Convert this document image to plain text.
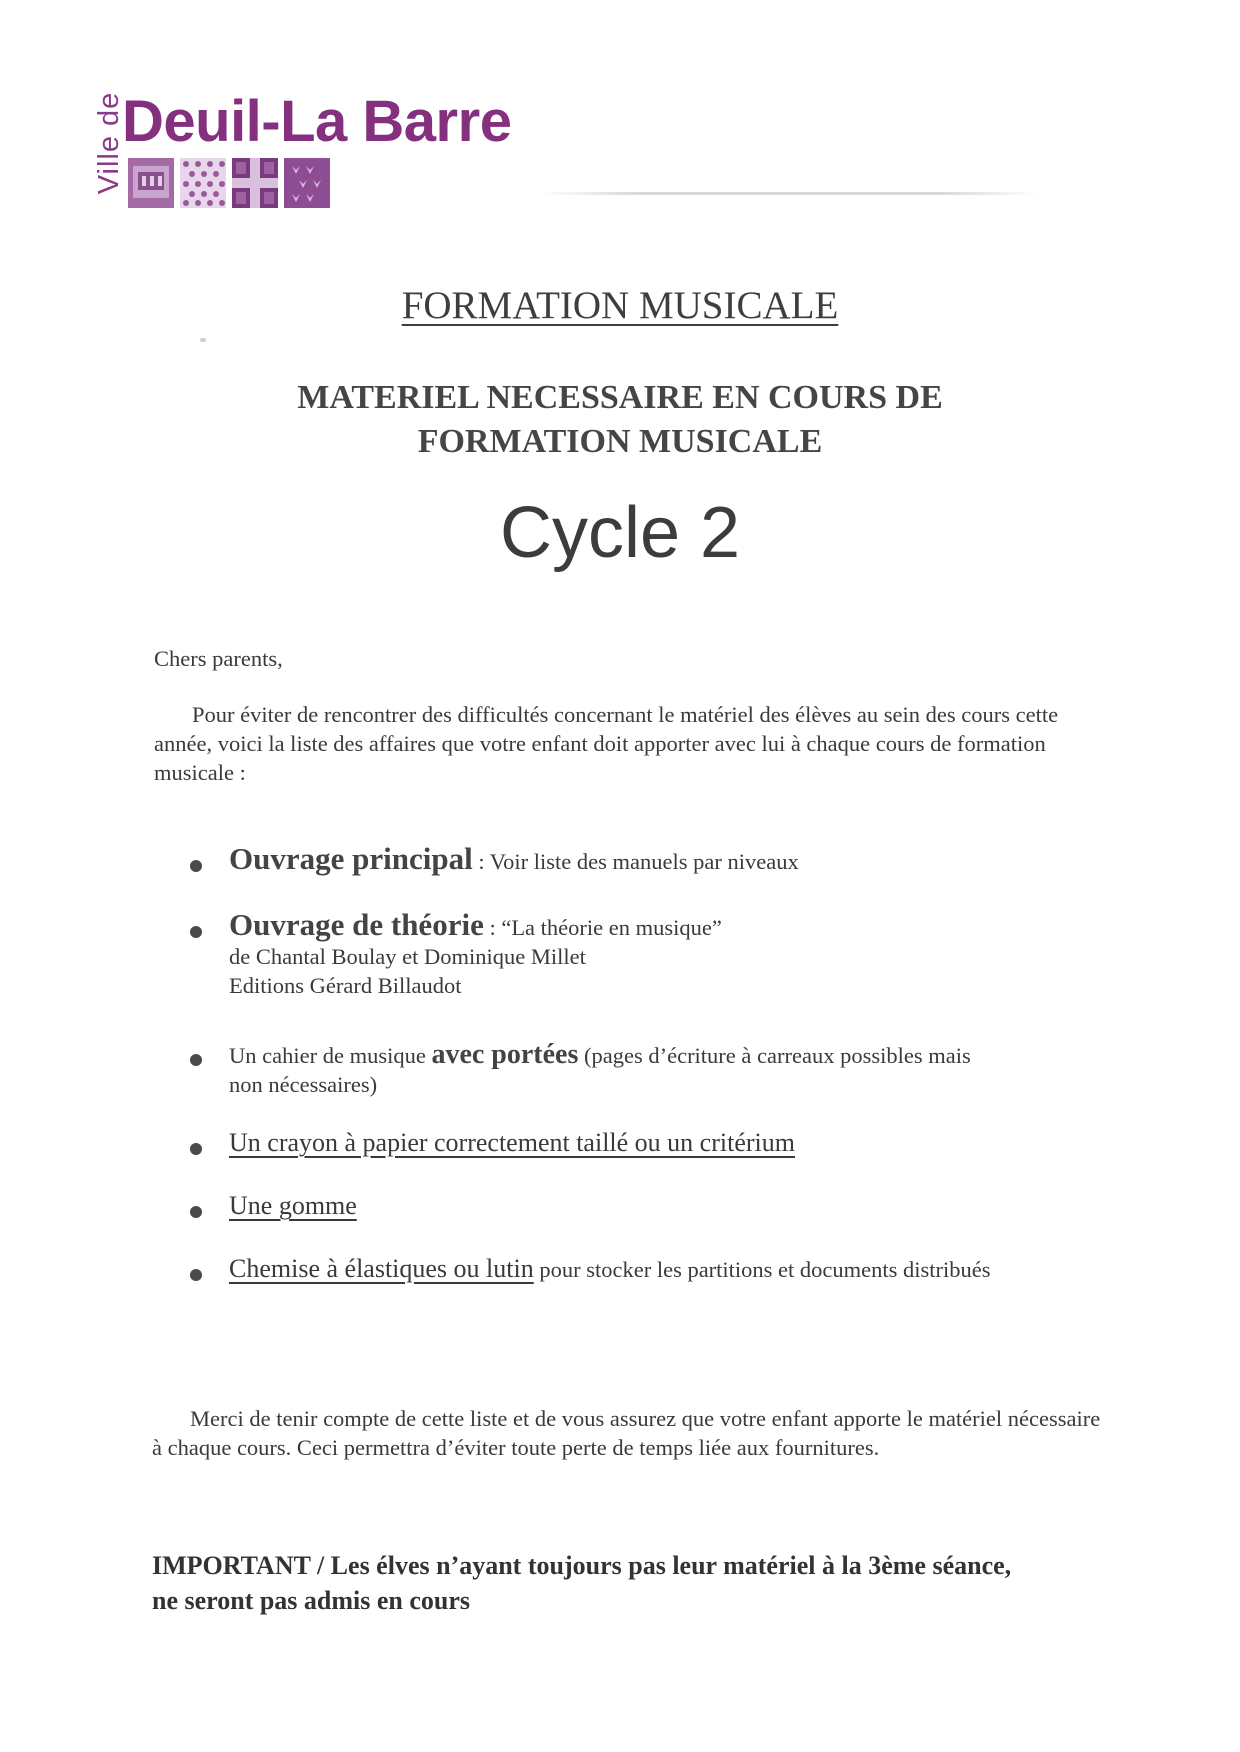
Ville de
Deuil-La Barre
FORMATION MUSICALE
MATERIEL NECESSAIRE EN COURS DE
FORMATION MUSICALE
Cycle 2
Chers parents,
Pour éviter de rencontrer des difficultés concernant le matériel des élèves au sein des cours cette année, voici la liste des affaires que votre enfant doit apporter avec lui à chaque cours de formation musicale :
Ouvrage principal : Voir liste des manuels par niveaux
Ouvrage de théorie : “La théorie en musique”
de Chantal Boulay et Dominique Millet
Editions Gérard Billaudot
Un cahier de musique avec portées (pages d’écriture à carreaux possibles mais
non nécessaires)
Un crayon à papier correctement taillé ou un critérium
Une gomme
Chemise à élastiques ou lutin pour stocker les partitions et documents distribués
Merci de tenir compte de cette liste et de vous assurez que votre enfant apporte le matériel nécessaire à chaque cours. Ceci permettra d’éviter toute perte de temps liée aux fournitures.
IMPORTANT / Les élves n’ayant toujours pas leur matériel à la 3ème séance,
ne seront pas admis en cours
